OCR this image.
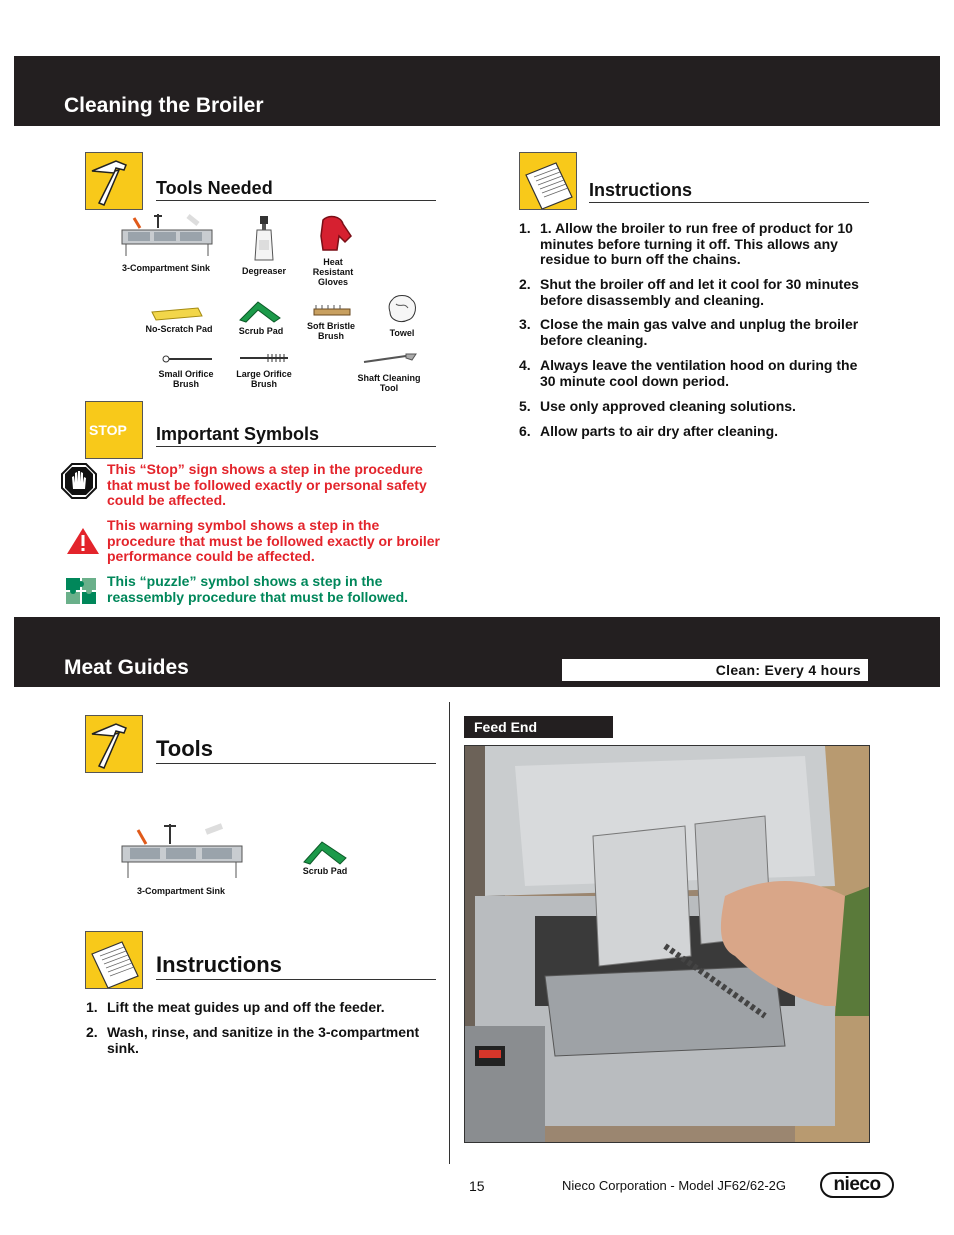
Cleaning the Broiler
Tools Needed
3-Compartment Sink	Degreaser
Heat Resistant Gloves
No-Scratch Pad	Scrub Pad	Soft Bristle Brush	Towel
Small Orifice Brush
Large Orifice Brush
Shaft Cleaning Tool
STOP Important Symbols
This “Stop” sign shows a step in the procedure that must be followed exactly or personal safety could be affected.
This warning symbol shows a step in the procedure that must be followed exactly or broiler performance could be affected.
This “puzzle” symbol shows a step in the reassembly procedure that must be followed.
Instructions
1. 1. Allow the broiler to run free of product for 10 minutes before turning it off. This allows any residue to burn off the chains.
2. Shut the broiler off and let it cool for 30 minutes before disassembly and cleaning.
3. Close the main gas valve and unplug the broiler before cleaning.
4. Always leave the ventilation hood on during the 30 minute cool down period.
5. Use only approved cleaning solutions.
6. Allow parts to air dry after cleaning.
Meat Guides	Clean: Every 4 hours
Tools
3-Compartment Sink
Scrub Pad
Instructions
1. Lift the meat guides up and off the feeder.
2. Wash, rinse, and sanitize in the 3-compartment sink.
Feed End
15	Nieco Corporation - Model JF62/62-2G nieco
